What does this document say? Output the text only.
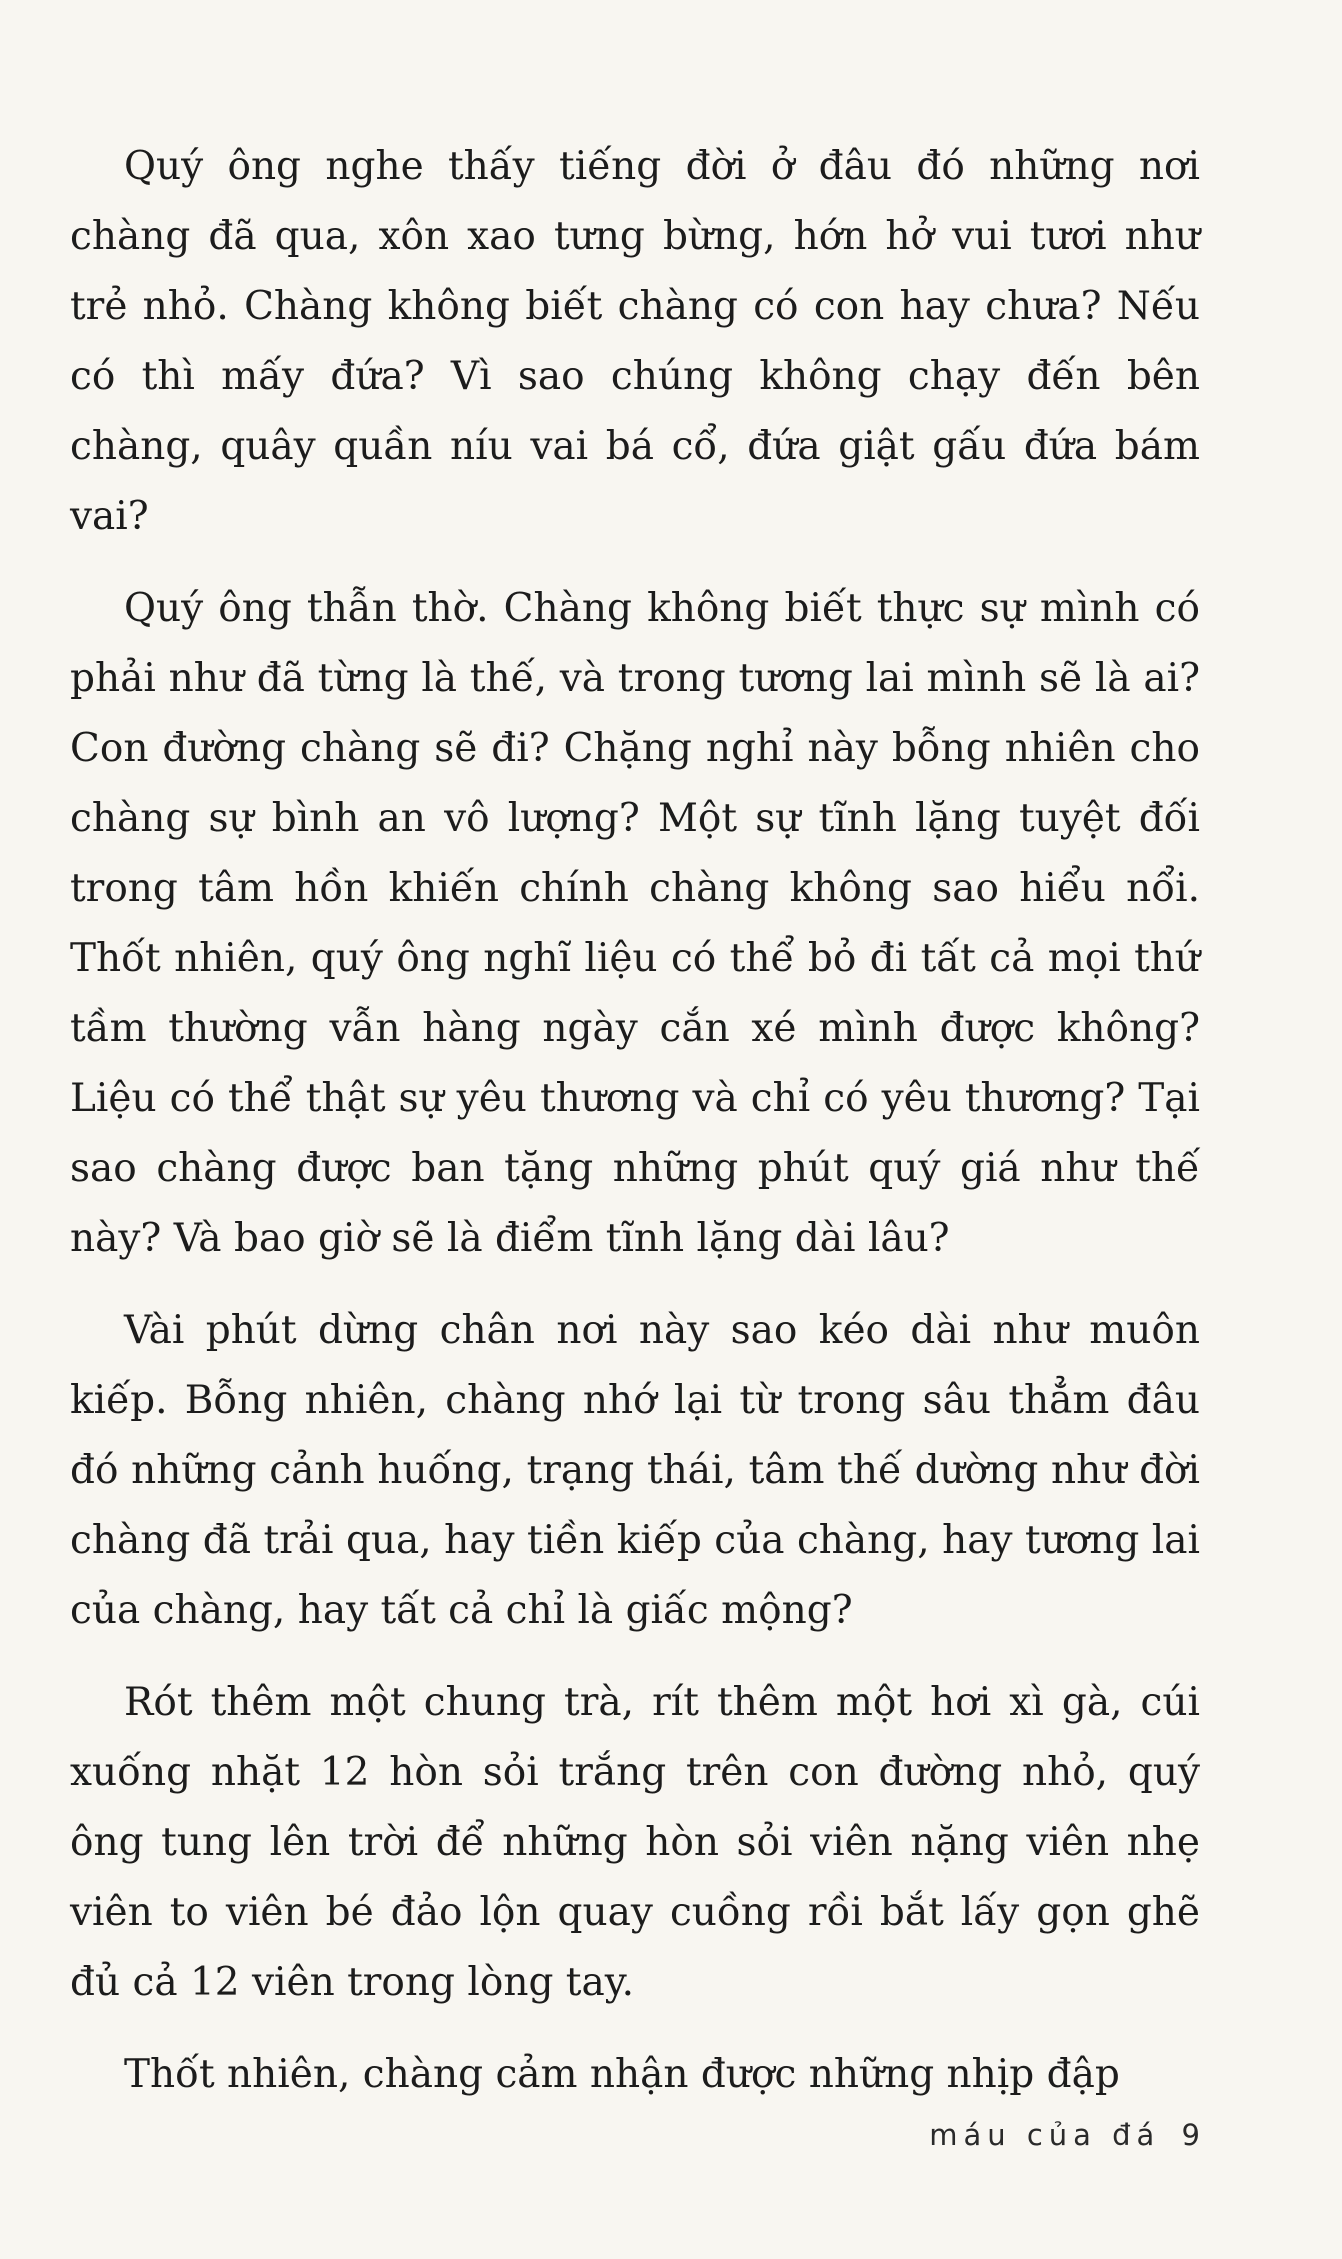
Quý ông nghe thấy tiếng đời ở đâu đó những nơi chàng đã qua, xôn xao tưng bừng, hớn hở vui tươi như trẻ nhỏ. Chàng không biết chàng có con hay chưa? Nếu có thì mấy đứa? Vì sao chúng không chạy đến bên chàng, quây quần níu vai bá cổ, đứa giật gấu đứa bám vai?

Quý ông thẫn thờ. Chàng không biết thực sự mình có phải như đã từng là thế, và trong tương lai mình sẽ là ai? Con đường chàng sẽ đi? Chặng nghỉ này bỗng nhiên cho chàng sự bình an vô lượng? Một sự tĩnh lặng tuyệt đối trong tâm hồn khiến chính chàng không sao hiểu nổi. Thốt nhiên, quý ông nghĩ liệu có thể bỏ đi tất cả mọi thứ tầm thường vẫn hàng ngày cắn xé mình được không? Liệu có thể thật sự yêu thương và chỉ có yêu thương? Tại sao chàng được ban tặng những phút quý giá như thế này? Và bao giờ sẽ là điểm tĩnh lặng dài lâu?

Vài phút dừng chân nơi này sao kéo dài như muôn kiếp. Bỗng nhiên, chàng nhớ lại từ trong sâu thẳm đâu đó những cảnh huống, trạng thái, tâm thế dường như đời chàng đã trải qua, hay tiền kiếp của chàng, hay tương lai của chàng, hay tất cả chỉ là giấc mộng?

Rót thêm một chung trà, rít thêm một hơi xì gà, cúi xuống nhặt 12 hòn sỏi trắng trên con đường nhỏ, quý ông tung lên trời để những hòn sỏi viên nặng viên nhẹ viên to viên bé đảo lộn quay cuồng rồi bắt lấy gọn ghẽ đủ cả 12 viên trong lòng tay.

Thốt nhiên, chàng cảm nhận được những nhịp đập

máu của đá 9
